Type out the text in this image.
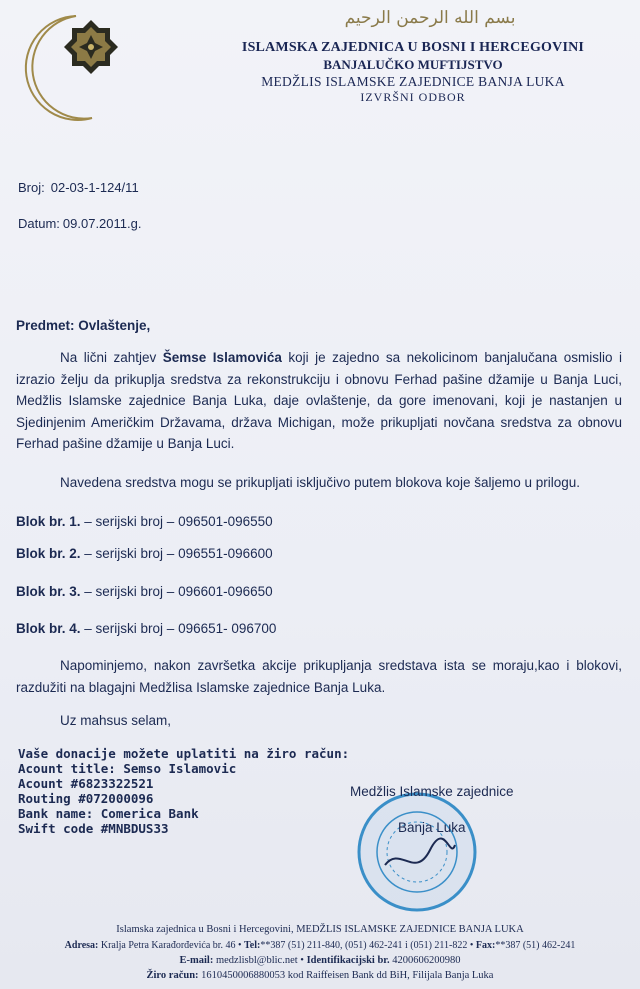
بسم الله الرحمن الرحيم
ISLAMSKA ZAJEDNICA U BOSNI I HERCEGOVINI
BANJALUČKO MUFTIJSTVO
MEDŽLIS ISLAMSKE ZAJEDNICE BANJA LUKA
IZVRŠNI ODBOR
Broj: 02-03-1-124/11
Datum: 09.07.2011.g.
Predmet: Ovlaštenje,
Na lični zahtjev Šemse Islamovića koji je zajedno sa nekolicinom banjalučana osmislio i izrazio želju da prikuplja sredstva za rekonstrukciju i obnovu Ferhad pašine džamije u Banja Luci, Medžlis Islamske zajednice Banja Luka, daje ovlaštenje, da gore imenovani, koji je nastanjen u Sjedinjenim Američkim Državama, država Michigan, može prikupljati novčana sredstva za obnovu Ferhad pašine džamije u Banja Luci.
Navedena sredstva mogu se prikupljati isključivo putem blokova koje šaljemo u prilogu.
Blok br. 1. – serijski broj – 096501-096550
Blok br. 2. – serijski broj – 096551-096600
Blok br. 3. – serijski broj – 096601-096650
Blok br. 4. – serijski broj – 096651- 096700
Napominjemo, nakon završetka akcije prikupljanja sredstava ista se moraju,kao i blokovi, razdužiti na blagajni Medžlisa Islamske zajednice Banja Luka.
Uz mahsus selam,
Vaše donacije možete uplatiti na žiro račun:
Acount title: Semso Islamovic
Acount #6823322521
Routing #072000096
Bank name: Comerica Bank
Swift code #MNBDUS33
Medžlis Islamske zajednice
Banja Luka
Islamska zajednica u Bosni i Hercegovini, MEDŽLIS ISLAMSKE ZAJEDNICE BANJA LUKA
Adresa: Kralja Petra Karađorđevića br. 46 • Tel:**387 (51) 211-840, (051) 462-241 i (051) 211-822 • Fax:**387 (51) 462-241
E-mail: medzlisbl@blic.net • Identifikacijski br. 4200606200980
Žiro račun: 1610450006880053 kod Raiffeisen Bank dd BiH, Filijala Banja Luka
